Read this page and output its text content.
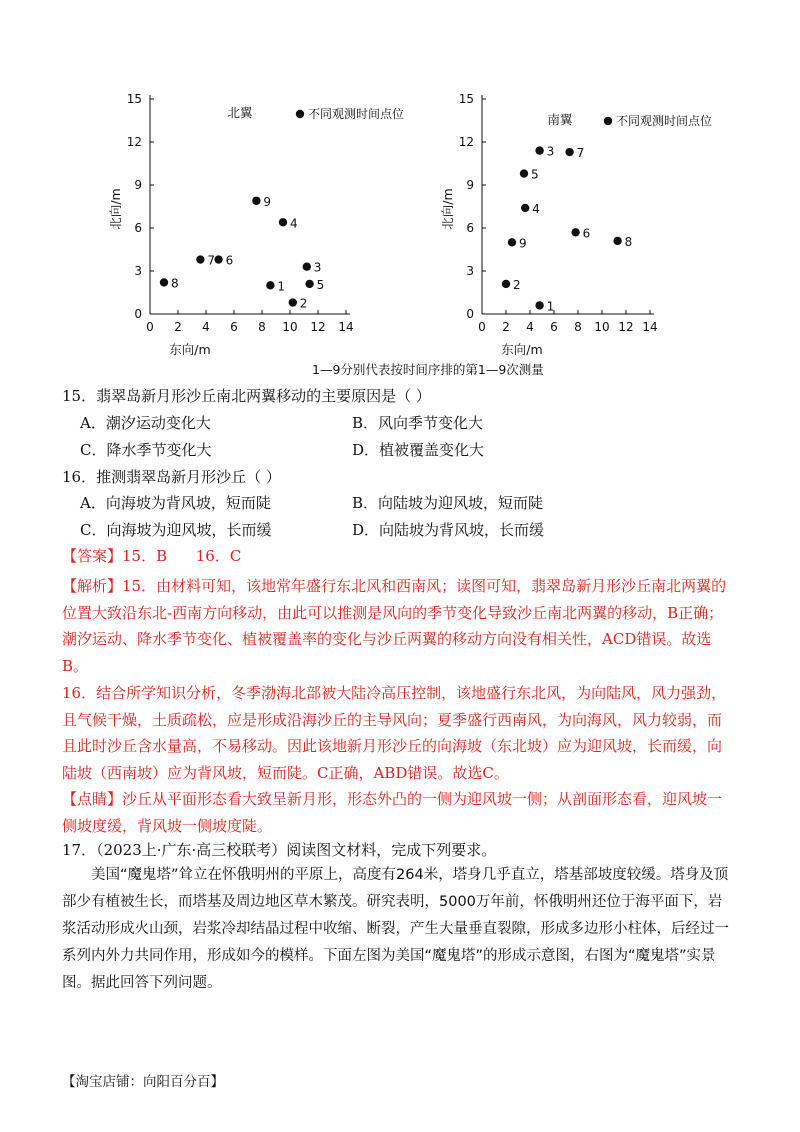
0
3
6
9
12
15
0 2 4 6 8 10 12 14
东向/m
北向/m
北翼	不同观测时间点位
1
2
3
4
5
6
7
8
9
0
3
6
9
12
15
0 2 4 6 8 10 12 14
东向/m
北向/m
南翼	不同观测时间点位
1
2
3
4
5
6
7
8
9
1—9分别代表按时间序排的第1—9次测量
15．翡翠岛新月形沙丘南北两翼移动的主要原因是（ ）
A．潮汐运动变化大	B．风向季节变化大
C．降水季节变化大	D．植被覆盖变化大
16．推测翡翠岛新月形沙丘（ ）
A．向海坡为背风坡，短而陡	B．向陆坡为迎风坡，短而陡
C．向海坡为迎风坡，长而缓	D．向陆坡为背风坡，长而缓
【答案】15．B      16．C
【解析】15．由材料可知，该地常年盛行东北风和西南风；读图可知，翡翠岛新月形沙丘南北两翼的位置大致沿东北-西南方向移动，由此可以推测是风向的季节变化导致沙丘南北两翼的移动，B正确；潮汐运动、降水季节变化、植被覆盖率的变化与沙丘两翼的移动方向没有相关性，ACD错误。故选B。
16．结合所学知识分析，冬季渤海北部被大陆冷高压控制，该地盛行东北风，为向陆风，风力强劲，且气候干燥，土质疏松，应是形成沿海沙丘的主导风向；夏季盛行西南风，为向海风，风力较弱，而且此时沙丘含水量高，不易移动。因此该地新月形沙丘的向海坡（东北坡）应为迎风坡，长而缓，向陆坡（西南坡）应为背风坡，短而陡。C正确，ABD错误。故选C。
【点睛】沙丘从平面形态看大致呈新月形，形态外凸的一侧为迎风坡一侧；从剖面形态看，迎风坡一侧坡度缓，背风坡一侧坡度陡。
17．（2023上·广东·高三校联考）阅读图文材料，完成下列要求。
美国“魔鬼塔”耸立在怀俄明州的平原上，高度有264米，塔身几乎直立，塔基部坡度较缓。塔身及顶部少有植被生长，而塔基及周边地区草木繁茂。研究表明，5000万年前，怀俄明州还位于海平面下，岩浆活动形成火山颈，岩浆冷却结晶过程中收缩、断裂，产生大量垂直裂隙，形成多边形小柱体，后经过一系列内外力共同作用，形成如今的模样。下面左图为美国“魔鬼塔”的形成示意图，右图为“魔鬼塔”实景图。据此回答下列问题。
【淘宝店铺：向阳百分百】
